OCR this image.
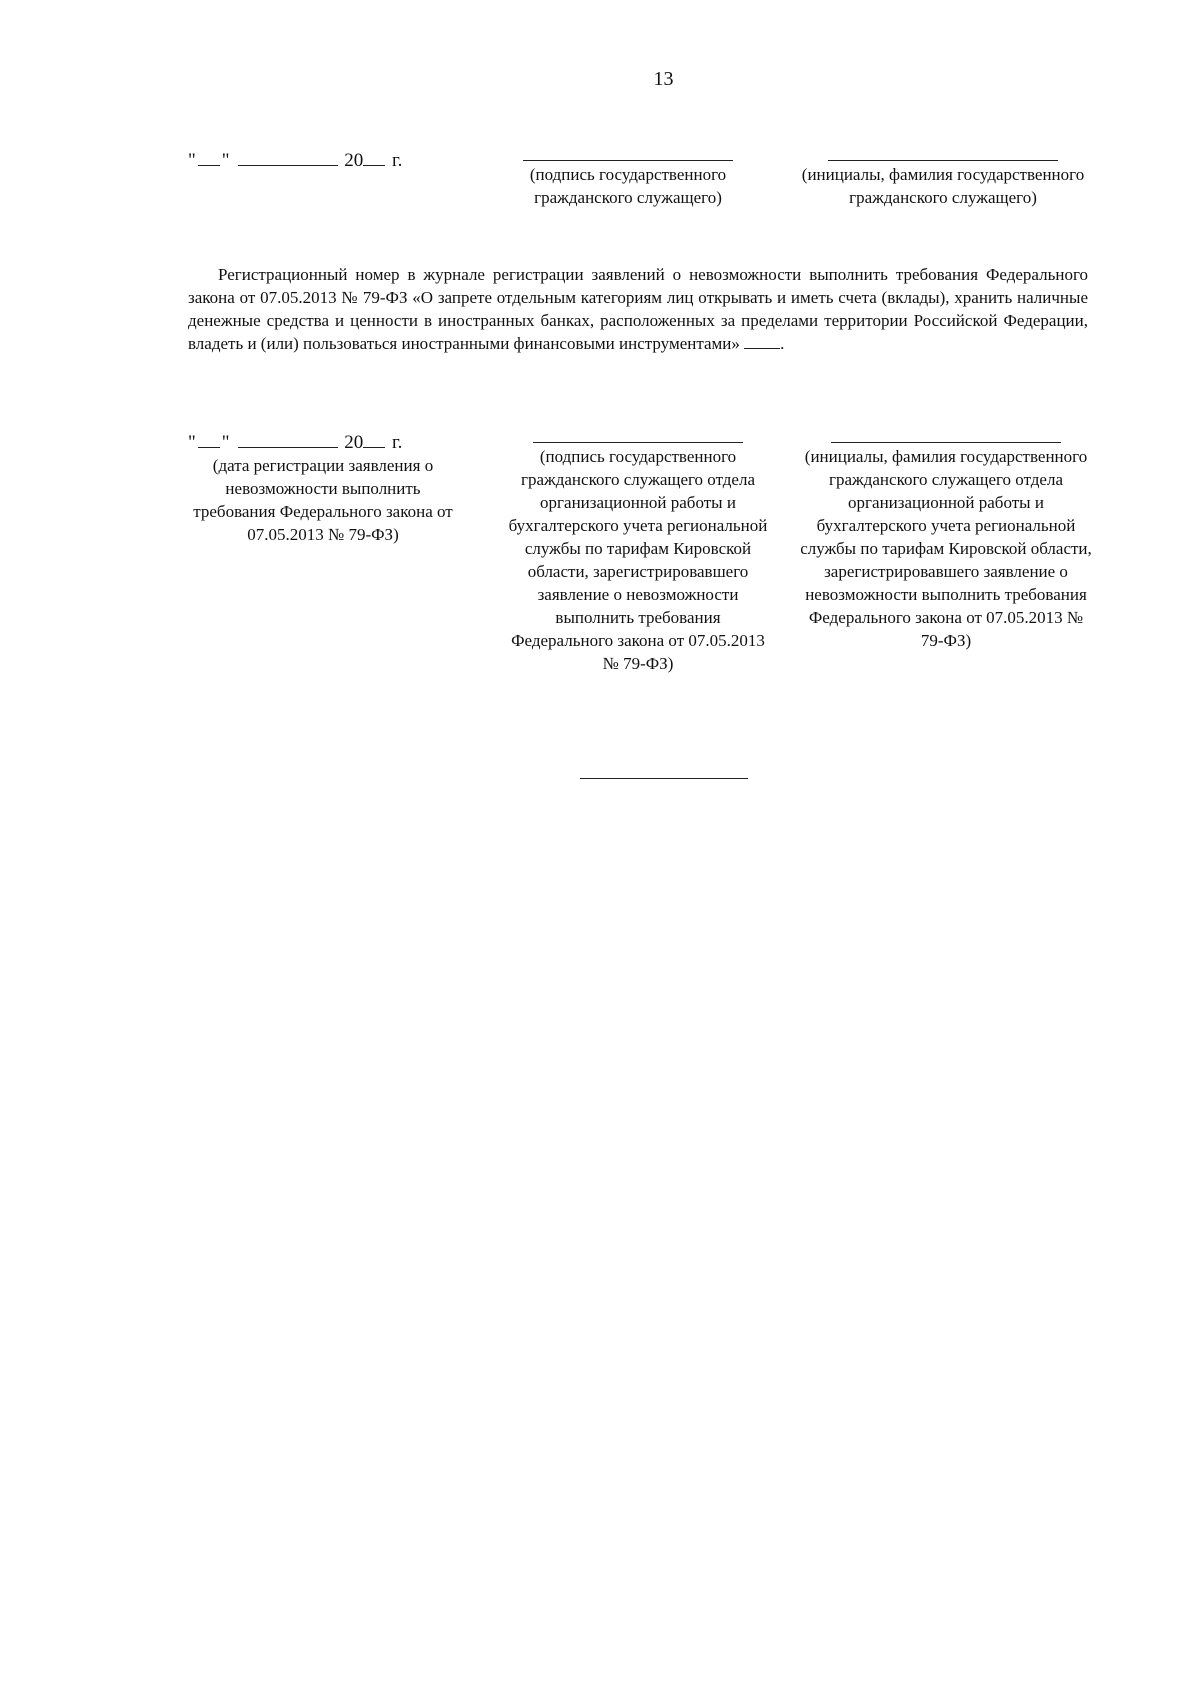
13
" "	20 г.
(подпись государственного гражданского служащего)
(инициалы, фамилия государственного гражданского служащего)
Регистрационный номер в журнале регистрации заявлений о невозможности выполнить требования Федерального закона от 07.05.2013 № 79-ФЗ «О запрете отдельным категориям лиц открывать и иметь счета (вклады), хранить наличные денежные средства и ценности в иностранных банках, расположенных за пределами территории Российской Федерации, владеть и (или) пользоваться иностранными финансовыми инструментами» .
" "	20 г.
(дата регистрации заявления о невозможности выполнить требования Федерального закона от 07.05.2013 № 79-ФЗ)
(подпись государственного гражданского служащего отдела организационной работы и бухгалтерского учета региональной службы по тарифам Кировской области, зарегистрировавшего заявление о невозможности выполнить требования Федерального закона от 07.05.2013 № 79-ФЗ)
(инициалы, фамилия государственного гражданского служащего отдела организационной работы и бухгалтерского учета региональной службы по тарифам Кировской области, зарегистрировавшего заявление о невозможности выполнить требования Федерального закона от 07.05.2013 № 79-ФЗ)
